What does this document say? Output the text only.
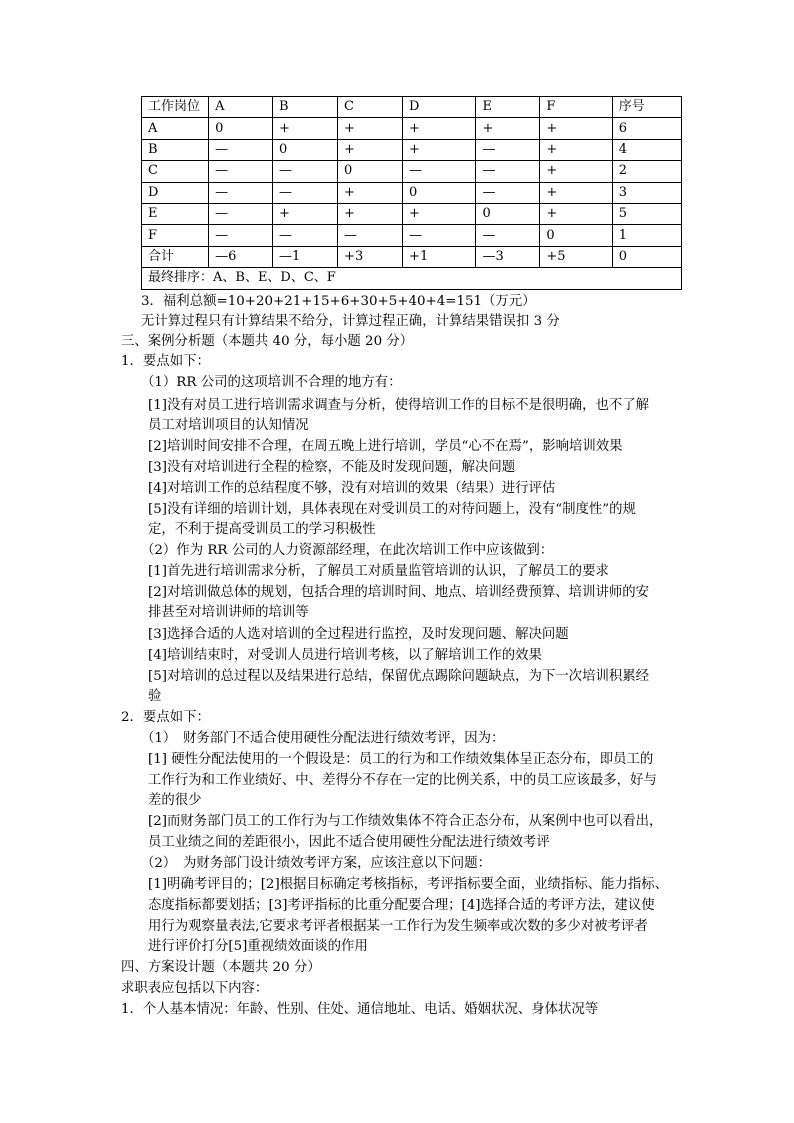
工作岗位	A	B	C	D	E	F	序号
A	0	+	+	+	+	+	6
B	—	0	+	+	—	+	4
C	—	—	0	—	—	+	2
D	—	—	+	0	—	+	3
E	—	+	+	+	0	+	5
F	—	—	—	—	—	0	1
合计	—6	—1	+3	+1	—3	+5	0
最终排序：A、B、E、D、C、F							
3．福利总额=10+20+21+15+6+30+5+40+4=151（万元）
无计算过程只有计算结果不给分，计算过程正确，计算结果错误扣 3 分
三、案例分析题（本题共 40 分，每小题 20 分）
1．要点如下：
（1）RR 公司的这项培训不合理的地方有：
[1]没有对员工进行培训需求调查与分析，使得培训工作的目标不是很明确，也不了解
员工对培训项目的认知情况
[2]培训时间安排不合理，在周五晚上进行培训，学员“心不在焉”，影响培训效果
[3]没有对培训进行全程的检察，不能及时发现问题，解决问题
[4]对培训工作的总结程度不够，没有对培训的效果（结果）进行评估
[5]没有详细的培训计划，具体表现在对受训员工的对待问题上，没有“制度性”的规
定，不利于提高受训员工的学习积极性
（2）作为 RR 公司的人力资源部经理，在此次培训工作中应该做到：
[1]首先进行培训需求分析，了解员工对质量监管培训的认识，了解员工的要求
[2]对培训做总体的规划，包括合理的培训时间、地点、培训经费预算、培训讲师的安
排甚至对培训讲师的培训等
[3]选择合适的人选对培训的全过程进行监控，及时发现问题、解决问题
[4]培训结束时，对受训人员进行培训考核，以了解培训工作的效果
[5]对培训的总过程以及结果进行总结，保留优点踢除问题缺点，为下一次培训积累经
验
2．要点如下：
（1）　财务部门不适合使用硬性分配法进行绩效考评，因为：
[1] 硬性分配法使用的一个假设是：员工的行为和工作绩效集体呈正态分布，即员工的
工作行为和工作业绩好、中、差得分不存在一定的比例关系，中的员工应该最多，好与
差的很少
[2]而财务部门员工的工作行为与工作绩效集体不符合正态分布，从案例中也可以看出，
员工业绩之间的差距很小，因此不适合使用硬性分配法进行绩效考评
（2）　为财务部门设计绩效考评方案，应该注意以下问题：
[1]明确考评目的；[2]根据目标确定考核指标，考评指标要全面，业绩指标、能力指标、
态度指标都要划括；[3]考评指标的比重分配要合理；[4]选择合适的考评方法，建议使
用行为观察量表法,它要求考评者根据某一工作行为发生频率或次数的多少对被考评者
进行评价打分[5]重视绩效面谈的作用
四、方案设计题（本题共 20 分）
求职表应包括以下内容：
1．个人基本情况：年龄、性别、住处、通信地址、电话、婚姻状况、身体状况等
